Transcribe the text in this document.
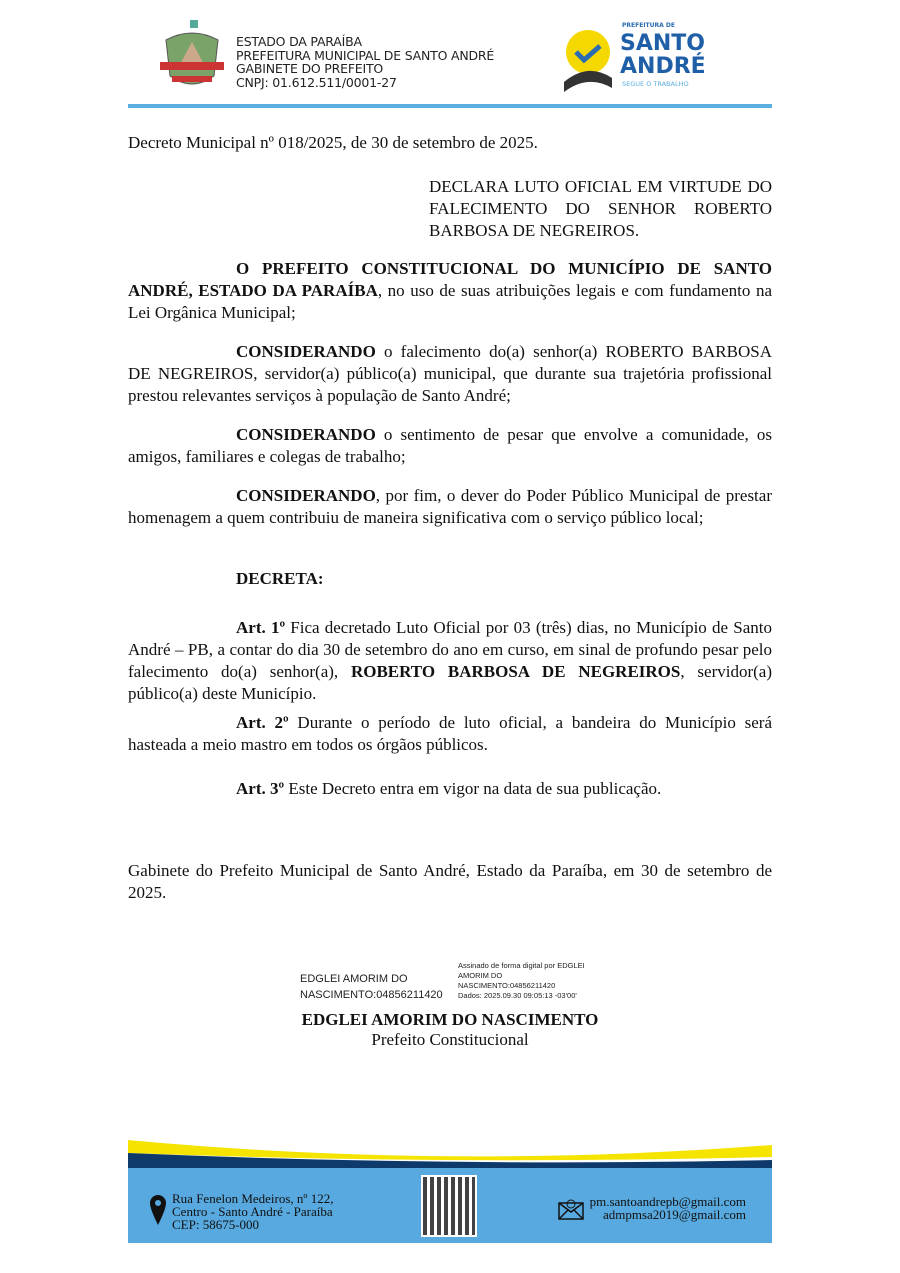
ESTADO DA PARAÍBA
PREFEITURA MUNICIPAL DE SANTO ANDRÉ
GABINETE DO PREFEITO
CNPJ: 01.612.511/0001-27
PREFEITURA DE
SANTO
ANDRÉ
SEGUE O TRABALHO
Decreto Municipal nº 018/2025, de 30 de setembro de 2025.
DECLARA LUTO OFICIAL EM VIRTUDE DO FALECIMENTO DO SENHOR ROBERTO BARBOSA DE NEGREIROS.
O PREFEITO CONSTITUCIONAL DO MUNICÍPIO DE SANTO ANDRÉ, ESTADO DA PARAÍBA, no uso de suas atribuições legais e com fundamento na Lei Orgânica Municipal;
CONSIDERANDO o falecimento do(a) senhor(a) ROBERTO BARBOSA DE NEGREIROS, servidor(a) público(a) municipal, que durante sua trajetória profissional prestou relevantes serviços à população de Santo André;
CONSIDERANDO o sentimento de pesar que envolve a comunidade, os amigos, familiares e colegas de trabalho;
CONSIDERANDO, por fim, o dever do Poder Público Municipal de prestar homenagem a quem contribuiu de maneira significativa com o serviço público local;
DECRETA:
Art. 1º Fica decretado Luto Oficial por 03 (três) dias, no Município de Santo André – PB, a contar do dia 30 de setembro do ano em curso, em sinal de profundo pesar pelo falecimento do(a) senhor(a), ROBERTO BARBOSA DE NEGREIROS, servidor(a) público(a) deste Município.
Art. 2º Durante o período de luto oficial, a bandeira do Município será hasteada a meio mastro em todos os órgãos públicos.
Art. 3º Este Decreto entra em vigor na data de sua publicação.
Gabinete do Prefeito Municipal de Santo André, Estado da Paraíba, em 30 de setembro de 2025.
EDGLEI AMORIM DO
NASCIMENTO:04856211420
Assinado de forma digital por EDGLEI
AMORIM DO
NASCIMENTO:04856211420
Dados: 2025.09.30 09:05:13 -03'00'
EDGLEI AMORIM DO NASCIMENTO
Prefeito Constitucional
Rua Fenelon Medeiros, nº 122,
Centro - Santo André - Paraíba
CEP: 58675-000
pm.santoandrepb@gmail.com
admpmsa2019@gmail.com
